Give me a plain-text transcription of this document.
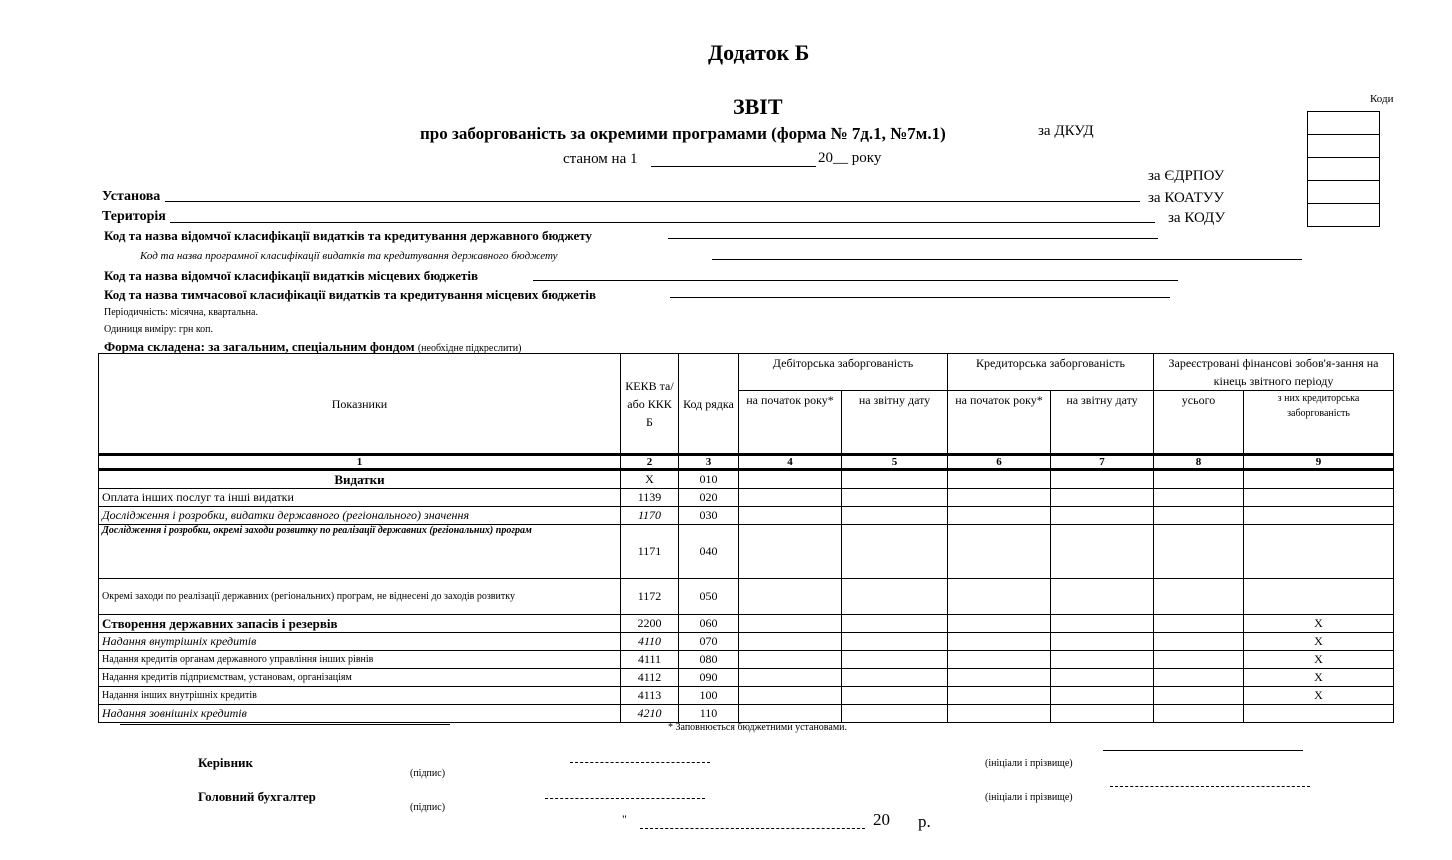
Додаток Б
ЗВІТ
про заборгованість за окремими програмами (форма № 7д.1, №7м.1)	за ДКУД
Коди
станом на 1	20__ року
Установа
за ЄДРПОУ
за КОАТУУ
Територія	за КОДУ
Код та назва відомчої класифікації видатків та кредитування державного бюджету
Код та назва програмної класифікації видатків та кредитування державного бюджету
Код та назва відомчої класифікації видатків місцевих бюджетів
Код та назва тимчасової класифікації видатків та кредитування місцевих бюджетів
Періодичність: місячна, квартальна.
Одиниця виміру: грн коп.
Форма складена: за загальним, спеціальним фондом (необхідне підкреслити)
Показники	КЕКВ та/або ККК Б	Код рядка	Дебіторська заборгованість		Кредиторська заборгованість		Зареєстровані фінансові зобов'я-зання на кінець звітного періоду	
			на початок року*	на звітну дату	на початок року*	на звітну дату	усього	з них кредиторська заборгованість
1	2	3	4	5	6	7	8	9
Видатки	X	010						
Оплата інших послуг та інші видатки	1139	020						
Дослідження і розробки, видатки державного (регіонального) значення	1170	030						
Дослідження і розробки, окремі заходи розвитку по реалізації державних (регіональних) програм	1171	040						
Окремі заходи по реалізації державних (регіональних) програм, не віднесені до заходів розвитку	1172	050						
Створення державних запасів і резервів	2200	060						X
Надання внутрішніх кредитів	4110	070						X
Надання кредитів органам державного управління інших рівнів	4111	080						X
Надання кредитів підприємствам, установам, організаціям	4112	090						X
Надання інших внутрішніх кредитів	4113	100						X
Надання зовнішніх кредитів	4210	110						
* Заповнюється бюджетними установами.
Керівник
(підпис)
(ініціали і прізвище)
Головний бухгалтер
(підпис)
(ініціали і прізвище)
"	20 р.
